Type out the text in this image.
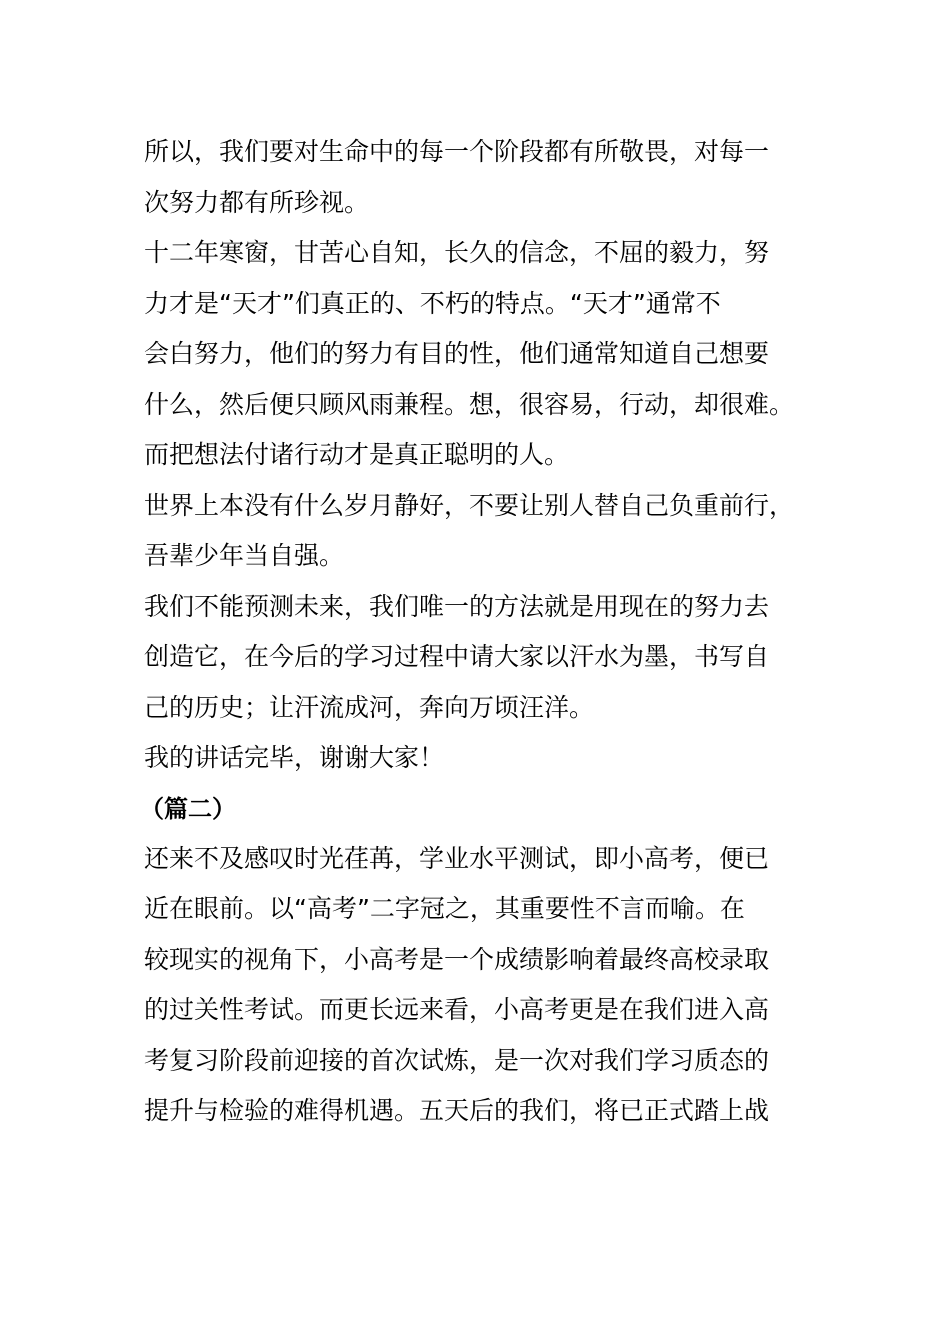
所以，我们要对生命中的每一个阶段都有所敬畏，对每一
次努力都有所珍视。

十二年寒窗，甘苦心自知，长久的信念，不屈的毅力，努
力才是“天才”们真正的、不朽的特点。“天才”通常不
会白努力，他们的努力有目的性，他们通常知道自己想要
什么，然后便只顾风雨兼程。想，很容易，行动，却很难。
而把想法付诸行动才是真正聪明的人。

世界上本没有什么岁月静好，不要让别人替自己负重前行，
吾辈少年当自强。

我们不能预测未来，我们唯一的方法就是用现在的努力去
创造它，在今后的学习过程中请大家以汗水为墨，书写自
己的历史；让汗流成河，奔向万顷汪洋。

我的讲话完毕，谢谢大家！

（篇二）

还来不及感叹时光荏苒，学业水平测试，即小高考，便已
近在眼前。以“高考”二字冠之，其重要性不言而喻。在
较现实的视角下，小高考是一个成绩影响着最终高校录取
的过关性考试。而更长远来看，小高考更是在我们进入高
考复习阶段前迎接的首次试炼，是一次对我们学习质态的
提升与检验的难得机遇。五天后的我们，将已正式踏上战
